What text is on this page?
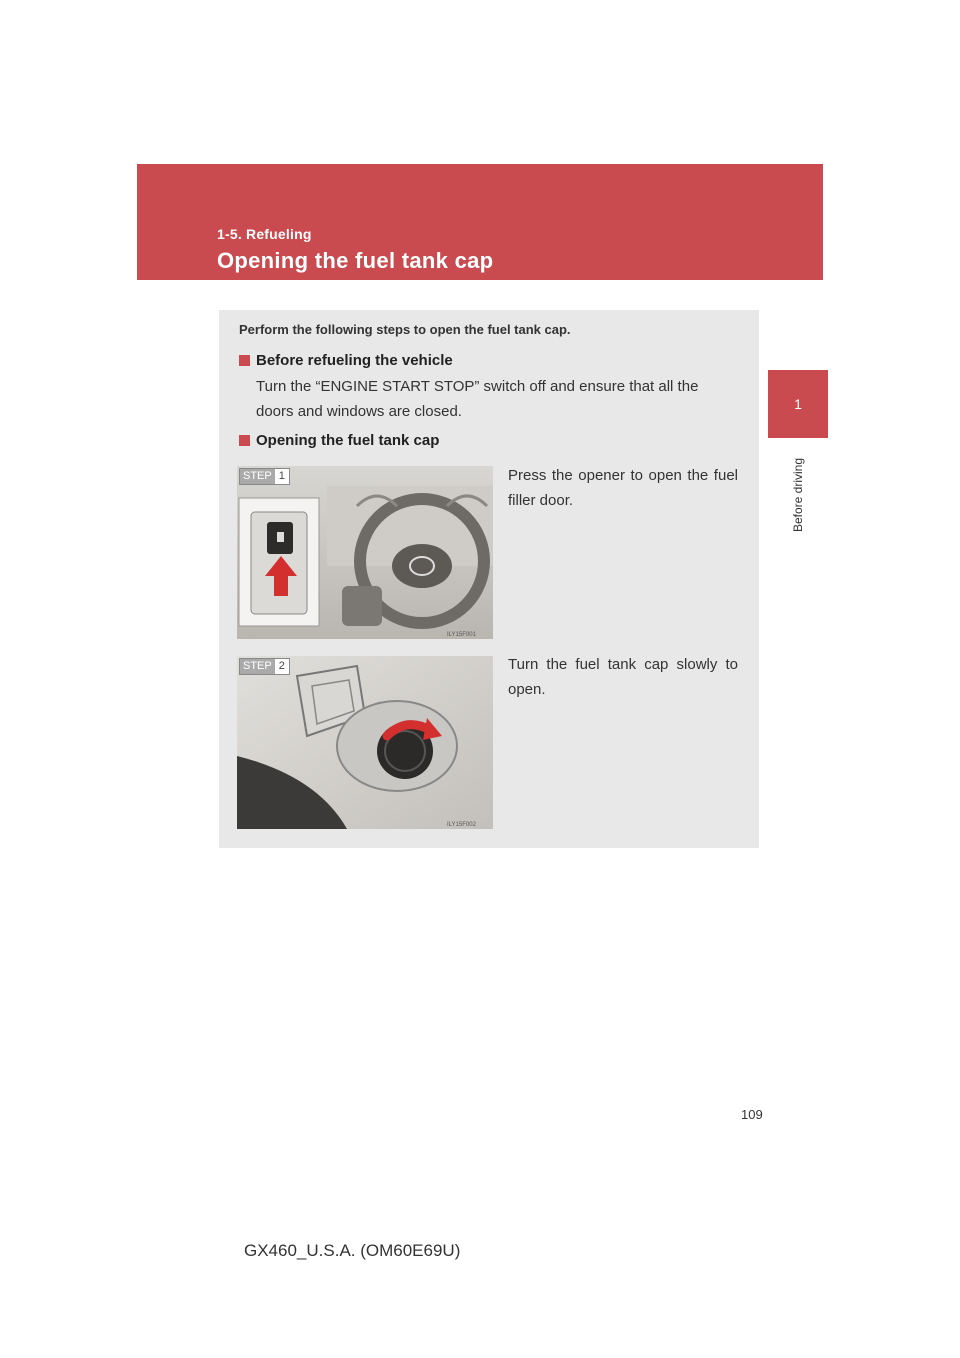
1-5. Refueling
Opening the fuel tank cap
1
Before driving
Perform the following steps to open the fuel tank cap.
Before refueling the vehicle
Turn the “ENGINE START STOP” switch off and ensure that all the doors and windows are closed.
Opening the fuel tank cap
STEP 1
ILY15F001
Press the opener to open the fuel filler door.
STEP 2
ILY15F002
Turn the fuel tank cap slowly to open.
109
GX460_U.S.A. (OM60E69U)
